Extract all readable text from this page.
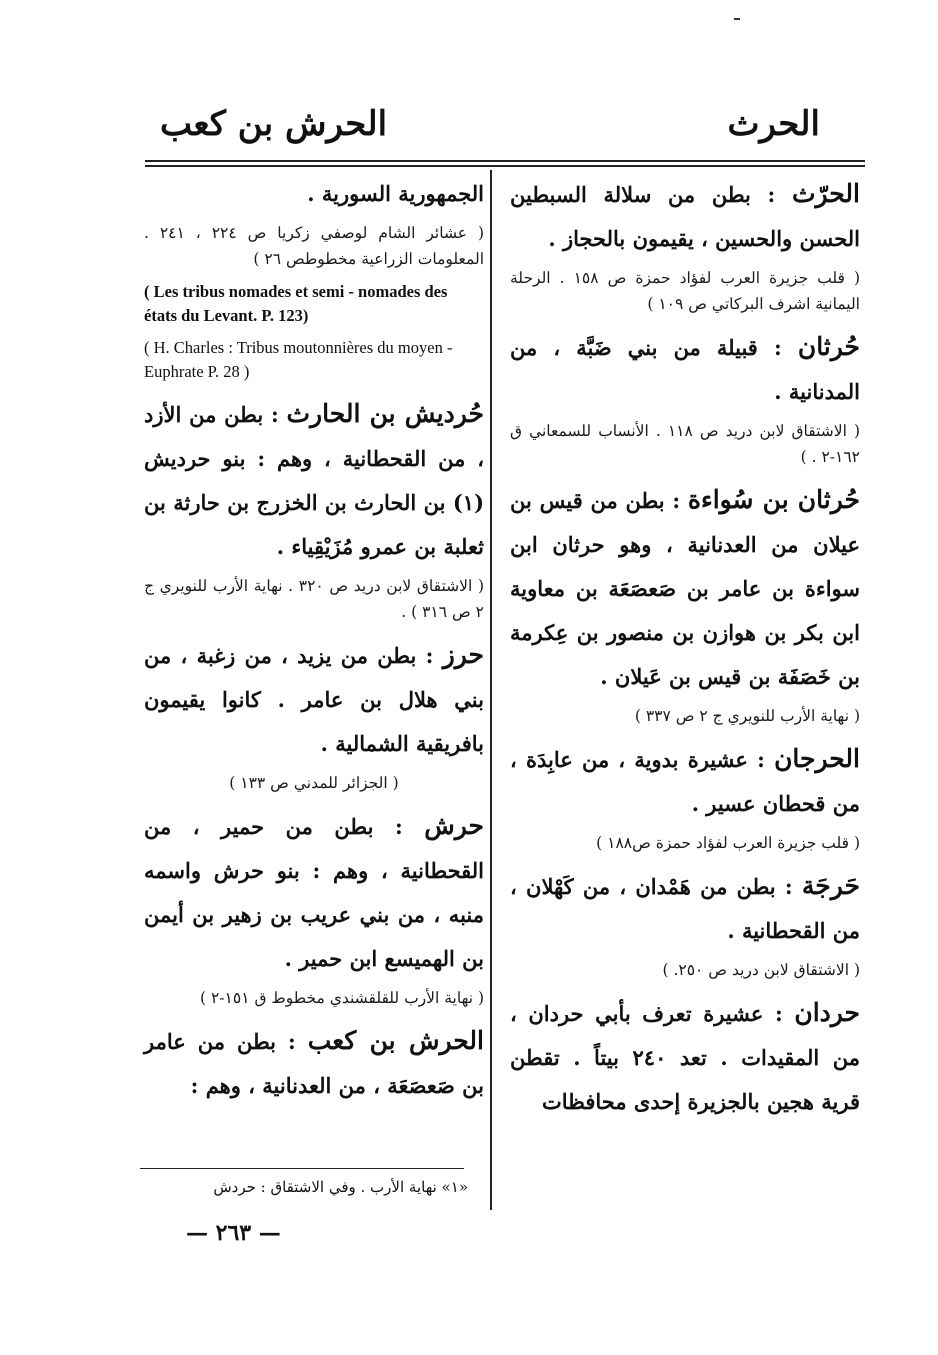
الحرث
الحرش بن كعب

الحرّث : بطن من سلالة السبطين الحسن والحسين ، يقيمون بالحجاز .

( قلب جزيرة العرب لفؤاد حمزة ص ١٥٨ . الرحلة اليمانية اشرف البركاتي ص ١٠٩ )

حُرثان : قبيلة من بني ضَبَّة ، من المدنانية .

( الاشتقاق لابن دريد ص ١١٨ . الأنساب للسمعاني ق ١٦٢-٢ . )

حُرثان بن سُواءة : بطن من قيس بن عيلان من العدنانية ، وهو حرثان ابن سواءة بن عامر بن صَعصَعَة بن معاوية ابن بكر بن هوازن بن منصور بن عِكرمة بن خَصَفَة بن قيس بن عَيلان .

( نهاية الأرب للنويري ج ٢ ص ٣٣٧ )

الحرجان : عشيرة بدوية ، من عابِدَة ، من قحطان عسير .

( قلب جزيرة العرب لفؤاد حمزة ص١٨٨ )

حَرجَة : بطن من هَمْدان ، من كَهْلان ، من القحطانية .

( الاشتقاق لابن دريد ص ٢٥٠. )

حردان : عشيرة تعرف بأبي حردان ، من المقيدات . تعد ٢٤٠ بيتاً . تقطن قرية هجين بالجزيرة إحدى محافظات

الجمهورية السورية .

( عشائر الشام لوصفي زكريا ص ٢٢٤ ، ٢٤١ . المعلومات الزراعية مخطوطص ٢٦ )

( Les tribus nomades et semi - nomades des états du Levant. P. 123)

( H. Charles : Tribus moutonnières du moyen - Euphrate P. 28 )

حُرديش بن الحارث : بطن من الأزد ، من القحطانية ، وهم : بنو حرديش (١) بن الحارث بن الخزرج بن حارثة بن ثعلبة بن عمرو مُزَيْقِياء .

( الاشتقاق لابن دريد ص ٣٢٠ . نهاية الأرب للنويري ج ٢ ص ٣١٦ ) .

حرز : بطن من يزيد ، من زغبة ، من بني هلال بن عامر . كانوا يقيمون بافريقية الشمالية .

( الجزائر للمدني ص ١٣٣ )

حرش : بطن من حمير ، من القحطانية ، وهم : بنو حرش واسمه منبه ، من بني عريب بن زهير بن أيمن بن الهميسع ابن حمير .

( نهاية الأرب للقلقشندي مخطوط ق ١٥١-٢ )

الحرش بن كعب : بطن من عامر بن صَعصَعَة ، من العدنانية ، وهم :

«١» نهاية الأرب . وفي الاشتقاق : حردش
— ٢٦٣ —
